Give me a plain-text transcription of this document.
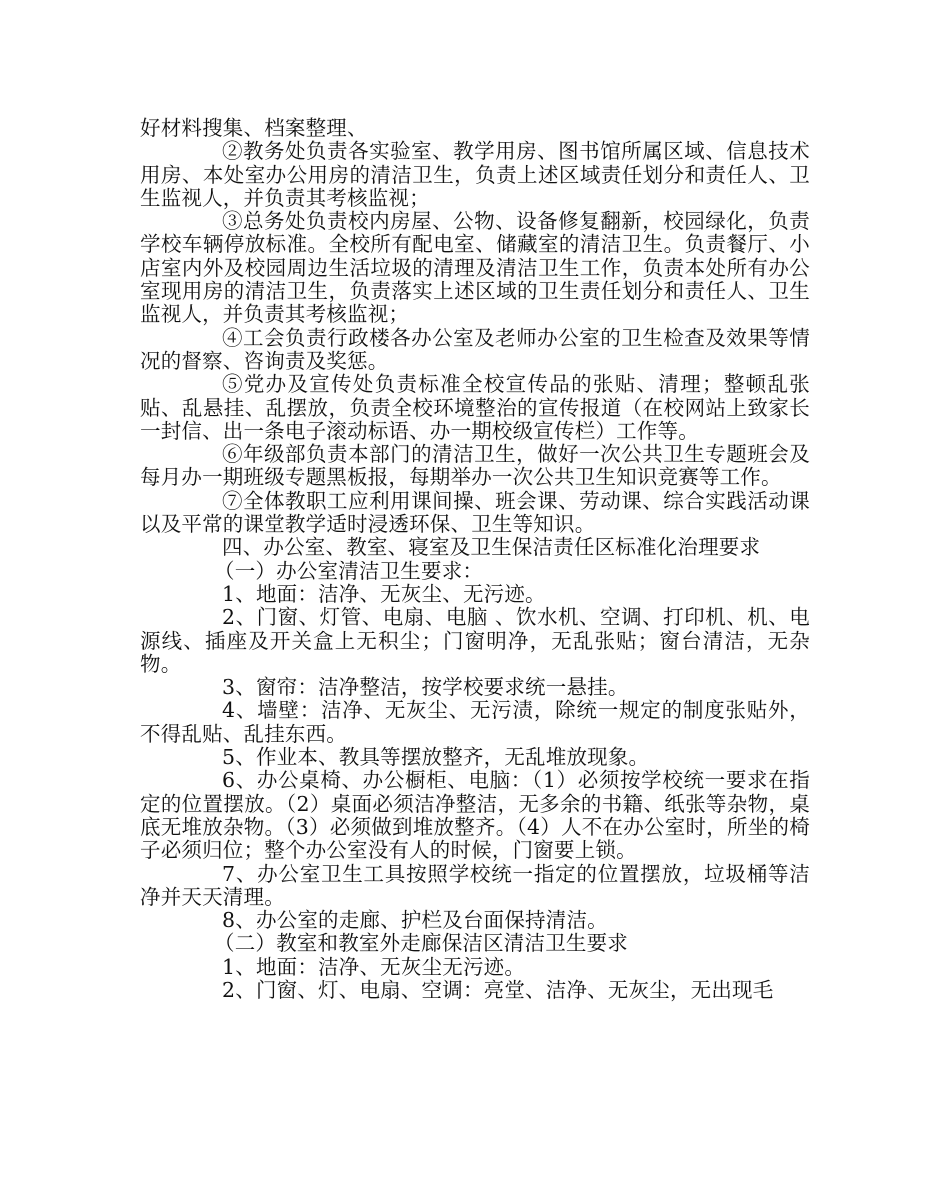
好材料搜集、档案整理、

②教务处负责各实验室、教学用房、图书馆所属区域、信息技术用房、本处室办公用房的清洁卫生，负责上述区域责任划分和责任人、卫生监视人，并负责其考核监视；

③总务处负责校内房屋、公物、设备修复翻新，校园绿化，负责学校车辆停放标准。全校所有配电室、储藏室的清洁卫生。负责餐厅、小店室内外及校园周边生活垃圾的清理及清洁卫生工作，负责本处所有办公室现用房的清洁卫生，负责落实上述区域的卫生责任划分和责任人、卫生监视人，并负责其考核监视；

④工会负责行政楼各办公室及老师办公室的卫生检查及效果等情况的督察、咨询责及奖惩。

⑤党办及宣传处负责标准全校宣传品的张贴、清理；整顿乱张贴、乱悬挂、乱摆放，负责全校环境整治的宣传报道（在校网站上致家长一封信、出一条电子滚动标语、办一期校级宣传栏）工作等。

⑥年级部负责本部门的清洁卫生，做好一次公共卫生专题班会及每月办一期班级专题黑板报，每期举办一次公共卫生知识竞赛等工作。

⑦全体教职工应利用课间操、班会课、劳动课、综合实践活动课以及平常的课堂教学适时浸透环保、卫生等知识。

四、办公室、教室、寝室及卫生保洁责任区标准化治理要求

（一）办公室清洁卫生要求：

1、地面：洁净、无灰尘、无污迹。

2、门窗、灯管、电扇、电脑 、饮水机、空调、打印机、机、电源线、插座及开关盒上无积尘；门窗明净，无乱张贴；窗台清洁，无杂物。

3、窗帘：洁净整洁，按学校要求统一悬挂。

4、墙壁：洁净、无灰尘、无污渍，除统一规定的制度张贴外，不得乱贴、乱挂东西。

5、作业本、教具等摆放整齐，无乱堆放现象。

6、办公桌椅、办公橱柜、电脑：（1）必须按学校统一要求在指定的位置摆放。（2）桌面必须洁净整洁，无多余的书籍、纸张等杂物，桌底无堆放杂物。（3）必须做到堆放整齐。（4）人不在办公室时，所坐的椅子必须归位；整个办公室没有人的时候，门窗要上锁。

7、办公室卫生工具按照学校统一指定的位置摆放，垃圾桶等洁净并天天清理。

8、办公室的走廊、护栏及台面保持清洁。

（二）教室和教室外走廊保洁区清洁卫生要求

1、地面：洁净、无灰尘无污迹。

2、门窗、灯、电扇、空调：亮堂、洁净、无灰尘，无出现毛
